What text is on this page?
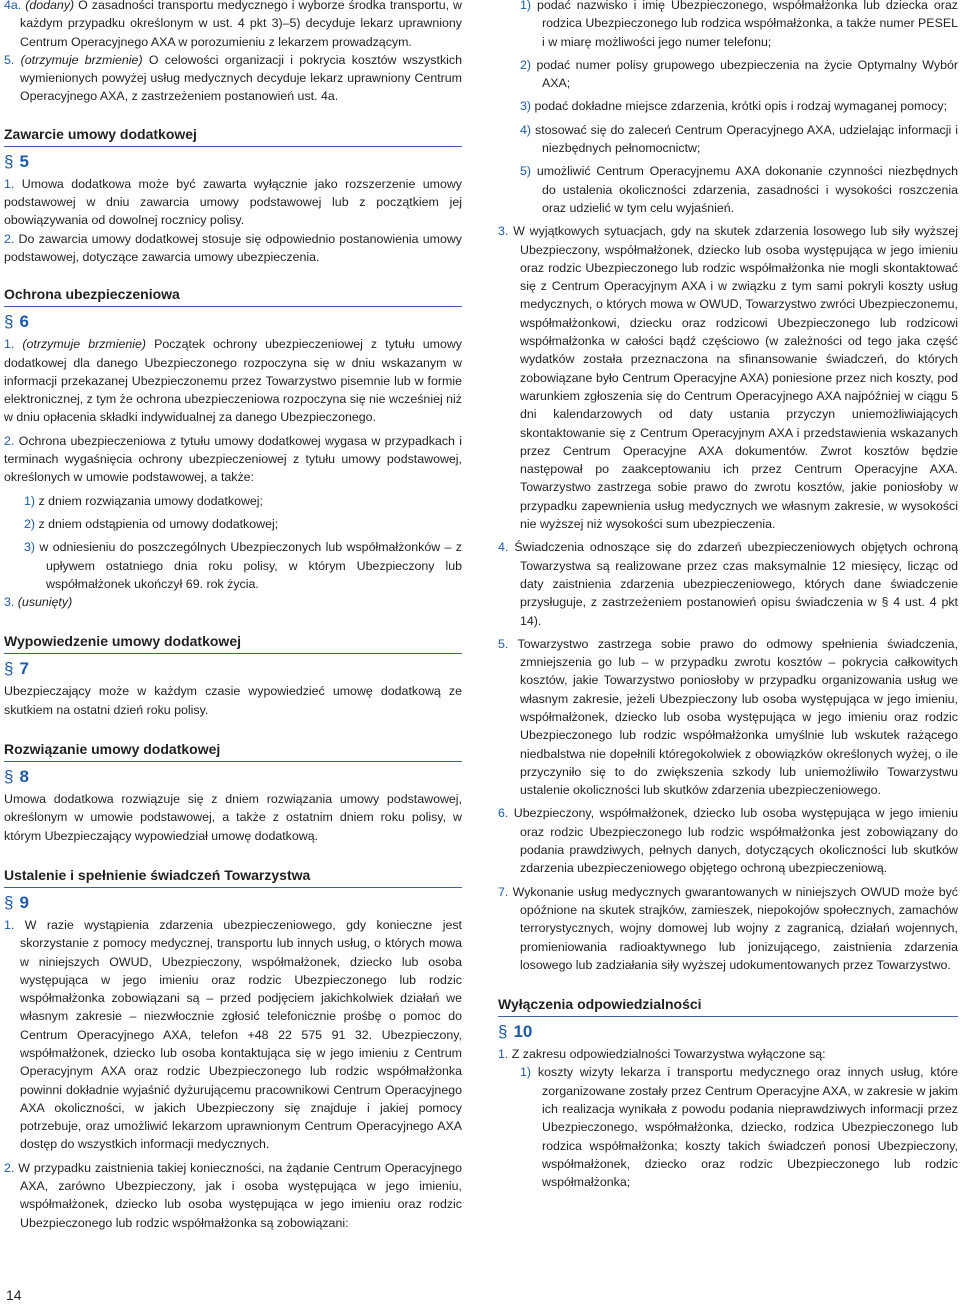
4a. (dodany) O zasadności transportu medycznego i wyborze środka transportu, w każdym przypadku określonym w ust. 4 pkt 3)–5) decyduje lekarz uprawniony Centrum Operacyjnego AXA w porozumieniu z lekarzem prowadzącym.

5. (otrzymuje brzmienie) O celowości organizacji i pokrycia kosztów wszystkich wymienionych powyżej usług medycznych decyduje lekarz uprawniony Centrum Operacyjnego AXA, z zastrzeżeniem postanowień ust. 4a.

Zawarcie umowy dodatkowej
§ 5

1. Umowa dodatkowa może być zawarta wyłącznie jako rozszerzenie umowy podstawowej w dniu zawarcia umowy podstawowej lub z początkiem jej obowiązywania od dowolnej rocznicy polisy.

2. Do zawarcia umowy dodatkowej stosuje się odpowiednio postanowienia umowy podstawowej, dotyczące zawarcia umowy ubezpieczenia.

Ochrona ubezpieczeniowa
§ 6

1. (otrzymuje brzmienie) Początek ochrony ubezpieczeniowej z tytułu umowy dodatkowej dla danego Ubezpieczonego rozpoczyna się w dniu wskazanym w informacji przekazanej Ubezpieczonemu przez Towarzystwo pisemnie lub w formie elektronicznej, z tym że ochrona ubezpieczeniowa rozpoczyna się nie wcześniej niż w dniu opłacenia składki indywidualnej za danego Ubezpieczonego.

2. Ochrona ubezpieczeniowa z tytułu umowy dodatkowej wygasa w przypadkach i terminach wygaśnięcia ochrony ubezpieczeniowej z tytułu umowy podstawowej, określonych w umowie podstawowej, a także:

1) z dniem rozwiązania umowy dodatkowej;

2) z dniem odstąpienia od umowy dodatkowej;

3) w odniesieniu do poszczególnych Ubezpieczonych lub współmałżonków – z upływem ostatniego dnia roku polisy, w którym Ubezpieczony lub współmałżonek ukończył 69. rok życia.

3. (usunięty)

Wypowiedzenie umowy dodatkowej
§ 7

Ubezpieczający może w każdym czasie wypowiedzieć umowę dodatkową ze skutkiem na ostatni dzień roku polisy.

Rozwiązanie umowy dodatkowej
§ 8

Umowa dodatkowa rozwiązuje się z dniem rozwiązania umowy podstawowej, określonym w umowie podstawowej, a także z ostatnim dniem roku polisy, w którym Ubezpieczający wypowiedział umowę dodatkową.

Ustalenie i spełnienie świadczeń Towarzystwa
§ 9

1. W razie wystąpienia zdarzenia ubezpieczeniowego, gdy konieczne jest skorzystanie z pomocy medycznej, transportu lub innych usług, o których mowa w niniejszych OWUD, Ubezpieczony, współmałżonek, dziecko lub osoba występująca w jego imieniu oraz rodzic Ubezpieczonego lub rodzic współmałżonka zobowiązani są – przed podjęciem jakichkolwiek działań we własnym zakresie – niezwłocznie zgłosić telefonicznie prośbę o pomoc do Centrum Operacyjnego AXA, telefon +48 22 575 91 32. Ubezpieczony, współmałżonek, dziecko lub osoba kontaktująca się w jego imieniu z Centrum Operacyjnym AXA oraz rodzic Ubezpieczonego lub rodzic współmałżonka powinni dokładnie wyjaśnić dyżurującemu pracownikowi Centrum Operacyjnego AXA okoliczności, w jakich Ubezpieczony się znajduje i jakiej pomocy potrzebuje, oraz umożliwić lekarzom uprawnionym Centrum Operacyjnego AXA dostęp do wszystkich informacji medycznych.

2. W przypadku zaistnienia takiej konieczności, na żądanie Centrum Operacyjnego AXA, zarówno Ubezpieczony, jak i osoba występująca w jego imieniu, współmałżonek, dziecko lub osoba występująca w jego imieniu oraz rodzic Ubezpieczonego lub rodzic współmałżonka są zobowiązani:

1) podać nazwisko i imię Ubezpieczonego, współmałżonka lub dziecka oraz rodzica Ubezpieczonego lub rodzica współmałżonka, a także numer PESEL i w miarę możliwości jego numer telefonu;

2) podać numer polisy grupowego ubezpieczenia na życie Optymalny Wybór AXA;

3) podać dokładne miejsce zdarzenia, krótki opis i rodzaj wymaganej pomocy;

4) stosować się do zaleceń Centrum Operacyjnego AXA, udzielając informacji i niezbędnych pełnomocnictw;

5) umożliwić Centrum Operacyjnemu AXA dokonanie czynności niezbędnych do ustalenia okoliczności zdarzenia, zasadności i wysokości roszczenia oraz udzielić w tym celu wyjaśnień.

3. W wyjątkowych sytuacjach, gdy na skutek zdarzenia losowego lub siły wyższej Ubezpieczony, współmałżonek, dziecko lub osoba występująca w jego imieniu oraz rodzic Ubezpieczonego lub rodzic współmałżonka nie mogli skontaktować się z Centrum Operacyjnym AXA i w związku z tym sami pokryli koszty usług medycznych, o których mowa w OWUD, Towarzystwo zwróci Ubezpieczonemu, współmałżonkowi, dziecku oraz rodzicowi Ubezpieczonego lub rodzicowi współmałżonka w całości bądź częściowo (w zależności od tego jaka część wydatków została przeznaczona na sfinansowanie świadczeń, do których zobowiązane było Centrum Operacyjne AXA) poniesione przez nich koszty, pod warunkiem zgłoszenia się do Centrum Operacyjnego AXA najpóźniej w ciągu 5 dni kalendarzowych od daty ustania przyczyn uniemożliwiających skontaktowanie się z Centrum Operacyjnym AXA i przedstawienia wskazanych przez Centrum Operacyjne AXA dokumentów. Zwrot kosztów będzie następował po zaakceptowaniu ich przez Centrum Operacyjne AXA. Towarzystwo zastrzega sobie prawo do zwrotu kosztów, jakie poniosłoby w przypadku zapewnienia usług medycznych we własnym zakresie, w wysokości nie wyższej niż wysokości sum ubezpieczenia.

4. Świadczenia odnoszące się do zdarzeń ubezpieczeniowych objętych ochroną Towarzystwa są realizowane przez czas maksymalnie 12 miesięcy, licząc od daty zaistnienia zdarzenia ubezpieczeniowego, których dane świadczenie przysługuje, z zastrzeżeniem postanowień opisu świadczenia w § 4 ust. 4 pkt 14).

5. Towarzystwo zastrzega sobie prawo do odmowy spełnienia świadczenia, zmniejszenia go lub – w przypadku zwrotu kosztów – pokrycia całkowitych kosztów, jakie Towarzystwo poniosłoby w przypadku organizowania usług we własnym zakresie, jeżeli Ubezpieczony lub osoba występująca w jego imieniu, współmałżonek, dziecko lub osoba występująca w jego imieniu oraz rodzic Ubezpieczonego lub rodzic współmałżonka umyślnie lub wskutek rażącego niedbalstwa nie dopełnili któregokolwiek z obowiązków określonych wyżej, o ile przyczyniło się to do zwiększenia szkody lub uniemożliwiło Towarzystwu ustalenie okoliczności lub skutków zdarzenia ubezpieczeniowego.

6. Ubezpieczony, współmałżonek, dziecko lub osoba występująca w jego imieniu oraz rodzic Ubezpieczonego lub rodzic współmałżonka jest zobowiązany do podania prawdziwych, pełnych danych, dotyczących okoliczności lub skutków zdarzenia ubezpieczeniowego objętego ochroną ubezpieczeniową.

7. Wykonanie usług medycznych gwarantowanych w niniejszych OWUD może być opóźnione na skutek strajków, zamieszek, niepokojów społecznych, zamachów terrorystycznych, wojny domowej lub wojny z zagranicą, działań wojennych, promieniowania radioaktywnego lub jonizującego, zaistnienia zdarzenia losowego lub zadziałania siły wyższej udokumentowanych przez Towarzystwo.

Wyłączenia odpowiedzialności
§ 10

1. Z zakresu odpowiedzialności Towarzystwa wyłączone są:

1) koszty wizyty lekarza i transportu medycznego oraz innych usług, które zorganizowane zostały przez Centrum Operacyjne AXA, w zakresie w jakim ich realizacja wynikała z powodu podania nieprawdziwych informacji przez Ubezpieczonego, współmałżonka, dziecko, rodzica Ubezpieczonego lub rodzica współmałżonka; koszty takich świadczeń ponosi Ubezpieczony, współmałżonek, dziecko oraz rodzic Ubezpieczonego lub rodzic współmałżonka;

14
